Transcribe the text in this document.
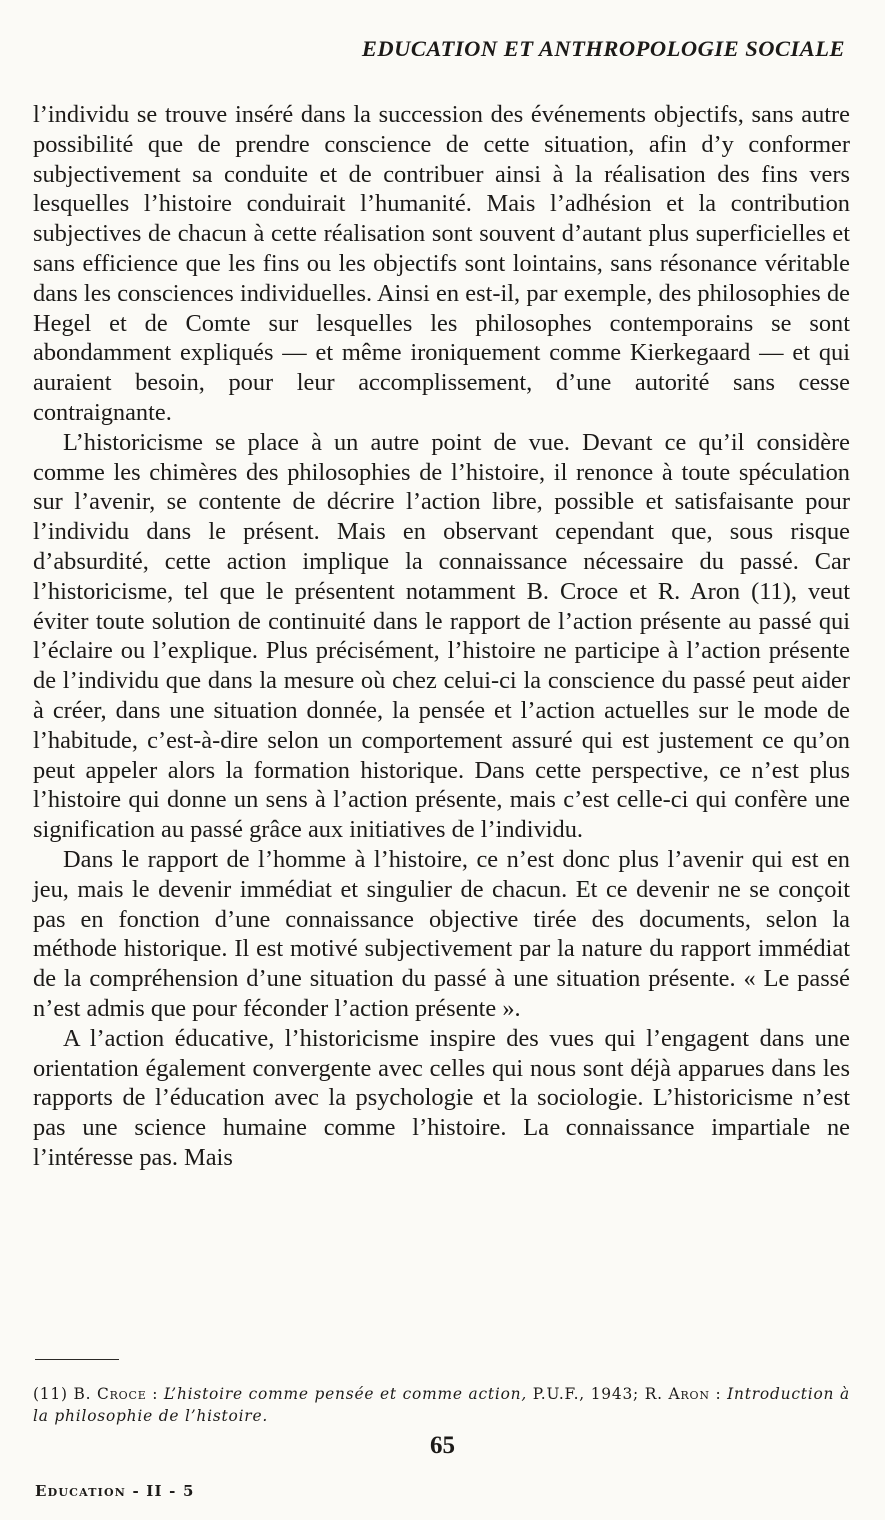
EDUCATION ET ANTHROPOLOGIE SOCIALE

l’individu se trouve inséré dans la succession des événements objectifs, sans autre possibilité que de prendre conscience de cette situation, afin d’y conformer subjectivement sa conduite et de contribuer ainsi à la réalisation des fins vers lesquelles l’histoire conduirait l’humanité. Mais l’adhésion et la contribution subjectives de chacun à cette réalisation sont souvent d’autant plus superficielles et sans efficience que les fins ou les objectifs sont lointains, sans résonance véritable dans les consciences individuelles. Ainsi en est-il, par exemple, des philosophies de Hegel et de Comte sur lesquelles les philosophes contemporains se sont abondamment expliqués — et même ironiquement comme Kierkegaard — et qui auraient besoin, pour leur accomplissement, d’une autorité sans cesse contraignante.

L’historicisme se place à un autre point de vue. Devant ce qu’il considère comme les chimères des philosophies de l’histoire, il renonce à toute spéculation sur l’avenir, se contente de décrire l’action libre, possible et satisfaisante pour l’individu dans le présent. Mais en observant cependant que, sous risque d’absurdité, cette action implique la connaissance nécessaire du passé. Car l’historicisme, tel que le présentent notamment B. Croce et R. Aron (11), veut éviter toute solution de continuité dans le rapport de l’action présente au passé qui l’éclaire ou l’explique. Plus précisément, l’histoire ne participe à l’action présente de l’individu que dans la mesure où chez celui-ci la conscience du passé peut aider à créer, dans une situation donnée, la pensée et l’action actuelles sur le mode de l’habitude, c’est-à-dire selon un comportement assuré qui est justement ce qu’on peut appeler alors la formation historique. Dans cette perspective, ce n’est plus l’histoire qui donne un sens à l’action présente, mais c’est celle-ci qui confère une signification au passé grâce aux initiatives de l’individu.

Dans le rapport de l’homme à l’histoire, ce n’est donc plus l’avenir qui est en jeu, mais le devenir immédiat et singulier de chacun. Et ce devenir ne se conçoit pas en fonction d’une connaissance objective tirée des documents, selon la méthode historique. Il est motivé subjectivement par la nature du rapport immédiat de la compréhension d’une situation du passé à une situation présente. « Le passé n’est admis que pour féconder l’action présente ».

A l’action éducative, l’historicisme inspire des vues qui l’engagent dans une orientation également convergente avec celles qui nous sont déjà apparues dans les rapports de l’éducation avec la psychologie et la sociologie. L’historicisme n’est pas une science humaine comme l’histoire. La connaissance impartiale ne l’intéresse pas. Mais

(11) B. Croce : L’histoire comme pensée et comme action, P.U.F., 1943; R. Aron : Introduction à la philosophie de l’histoire.

65
Education - II - 5
